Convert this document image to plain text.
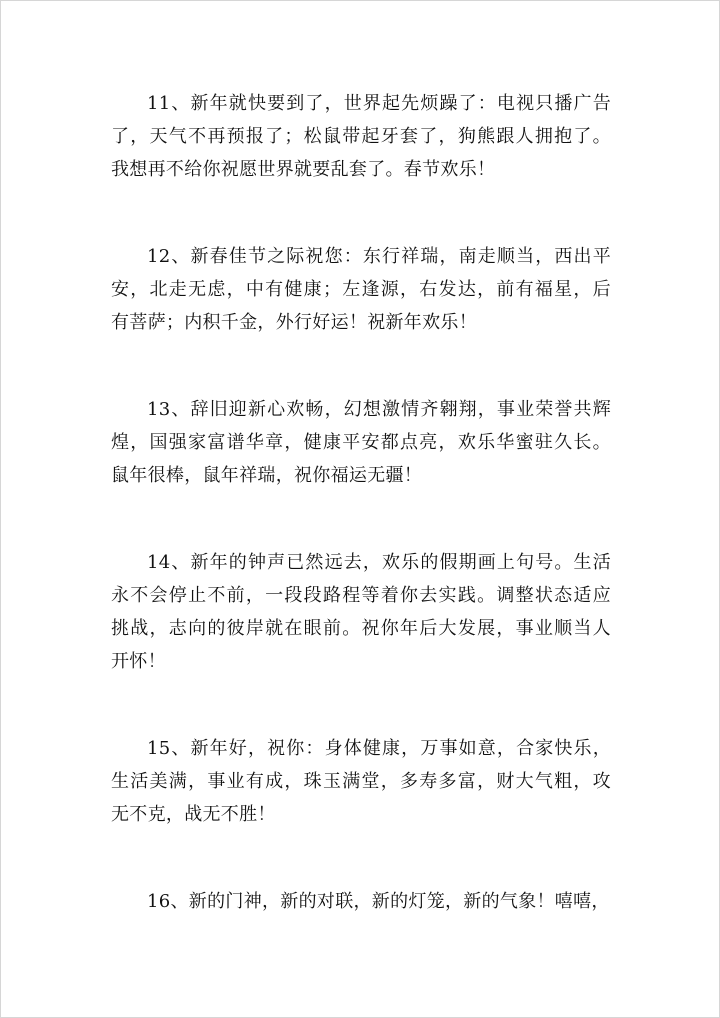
11、新年就快要到了，世界起先烦躁了：电视只播广告
了，天气不再预报了；松鼠带起牙套了，狗熊跟人拥抱了。
我想再不给你祝愿世界就要乱套了。春节欢乐！
12、新春佳节之际祝您：东行祥瑞，南走顺当，西出平
安，北走无虑，中有健康；左逢源，右发达，前有福星，后
有菩萨；内积千金，外行好运！祝新年欢乐！
13、辞旧迎新心欢畅，幻想激情齐翱翔，事业荣誉共辉
煌，国强家富谱华章，健康平安都点亮，欢乐华蜜驻久长。
鼠年很棒，鼠年祥瑞，祝你福运无疆！
14、新年的钟声已然远去，欢乐的假期画上句号。生活
永不会停止不前，一段段路程等着你去实践。调整状态适应
挑战，志向的彼岸就在眼前。祝你年后大发展，事业顺当人
开怀！
15、新年好，祝你：身体健康，万事如意，合家快乐，
生活美满，事业有成，珠玉满堂，多寿多富，财大气粗，攻
无不克，战无不胜！
16、新的门神，新的对联，新的灯笼，新的气象！嘻嘻，
